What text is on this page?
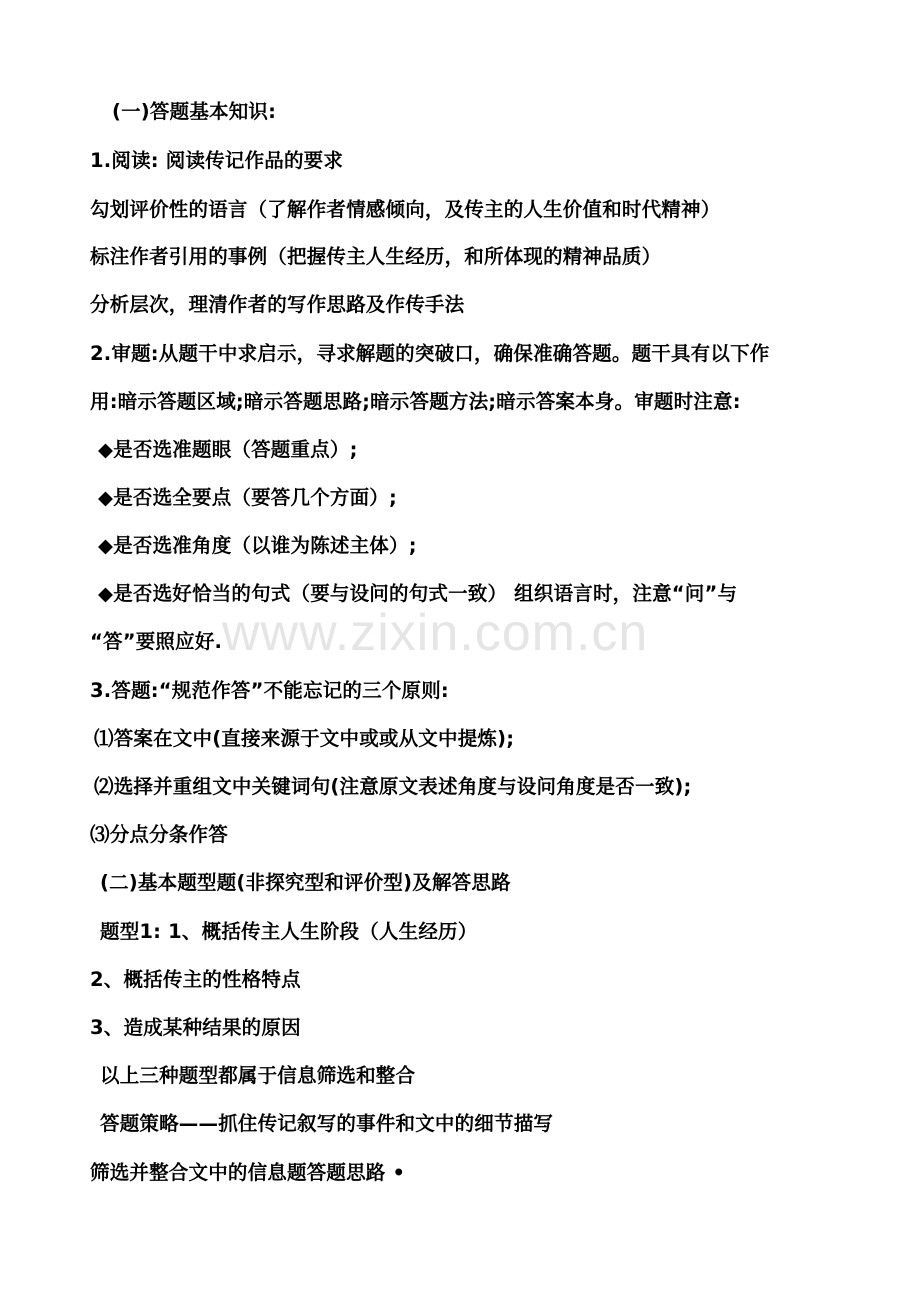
(一)答题基本知识:
1.阅读: 阅读传记作品的要求
勾划评价性的语言（了解作者情感倾向，及传主的人生价值和时代精神）
标注作者引用的事例（把握传主人生经历，和所体现的精神品质）
分析层次，理清作者的写作思路及作传手法
2.审题:从题干中求启示，寻求解题的突破口，确保准确答题。题干具有以下作
用:暗示答题区域;暗示答题思路;暗示答题方法;暗示答案本身。审题时注意:
◆是否选准题眼（答题重点）;
◆是否选全要点（要答几个方面）;
◆是否选准角度（以谁为陈述主体）;
◆是否选好恰当的句式（要与设问的句式一致） 组织语言时，注意“问”与
“答”要照应好.
3.答题:“规范作答”不能忘记的三个原则:
⑴答案在文中(直接来源于文中或或从文中提炼);
⑵选择并重组文中关键词句(注意原文表述角度与设问角度是否一致);
⑶分点分条作答
(二)基本题型题(非探究型和评价型)及解答思路
题型1: 1、概括传主人生阶段（人生经历）
2、概括传主的性格特点
3、造成某种结果的原因
以上三种题型都属于信息筛选和整合
答题策略——抓住传记叙写的事件和文中的细节描写
筛选并整合文中的信息题答题思路 •
www.zixin.com.cn
